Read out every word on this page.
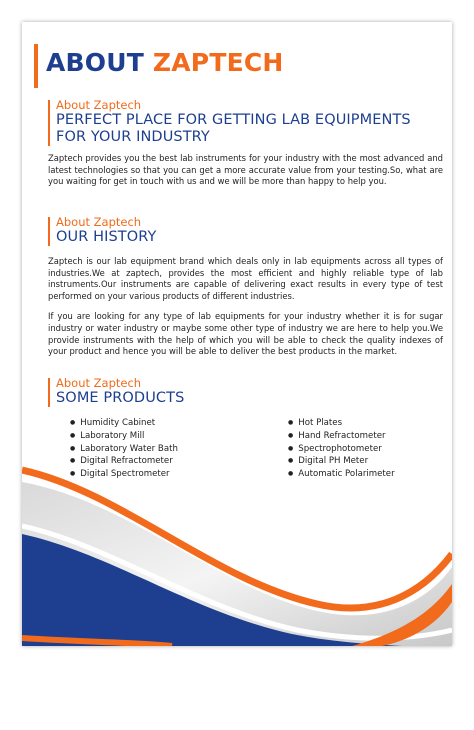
ABOUT ZAPTECH
About Zaptech
PERFECT PLACE FOR GETTING LAB EQUIPMENTS FOR YOUR INDUSTRY

Zaptech provides you the best lab instruments for your industry with the most advanced and latest technologies so that you can get a more accurate value from your testing.So, what are you waiting for get in touch with us and we will be more than happy to help you.

About Zaptech
OUR HISTORY

Zaptech is our lab equipment brand which deals only in lab equipments across all types of industries.We at zaptech, provides the most efficient and highly reliable type of lab instruments.Our instruments are capable of delivering exact results in every type of test performed on your various products of different industries.

If you are looking for any type of lab equipments for your industry whether it is for sugar industry or water industry or maybe some other type of industry we are here to help you.We provide instruments with the help of which you will be able to check the quality indexes of your product and hence you will be able to deliver the best products in the market.

About Zaptech
SOME PRODUCTS
● Humidity Cabinet
● Laboratory Mill
● Laboratory Water Bath
● Digital Refractometer
● Digital Spectrometer
● Hot Plates
● Hand Refractometer
● Spectrophotometer
● Digital PH Meter
● Automatic Polarimeter
